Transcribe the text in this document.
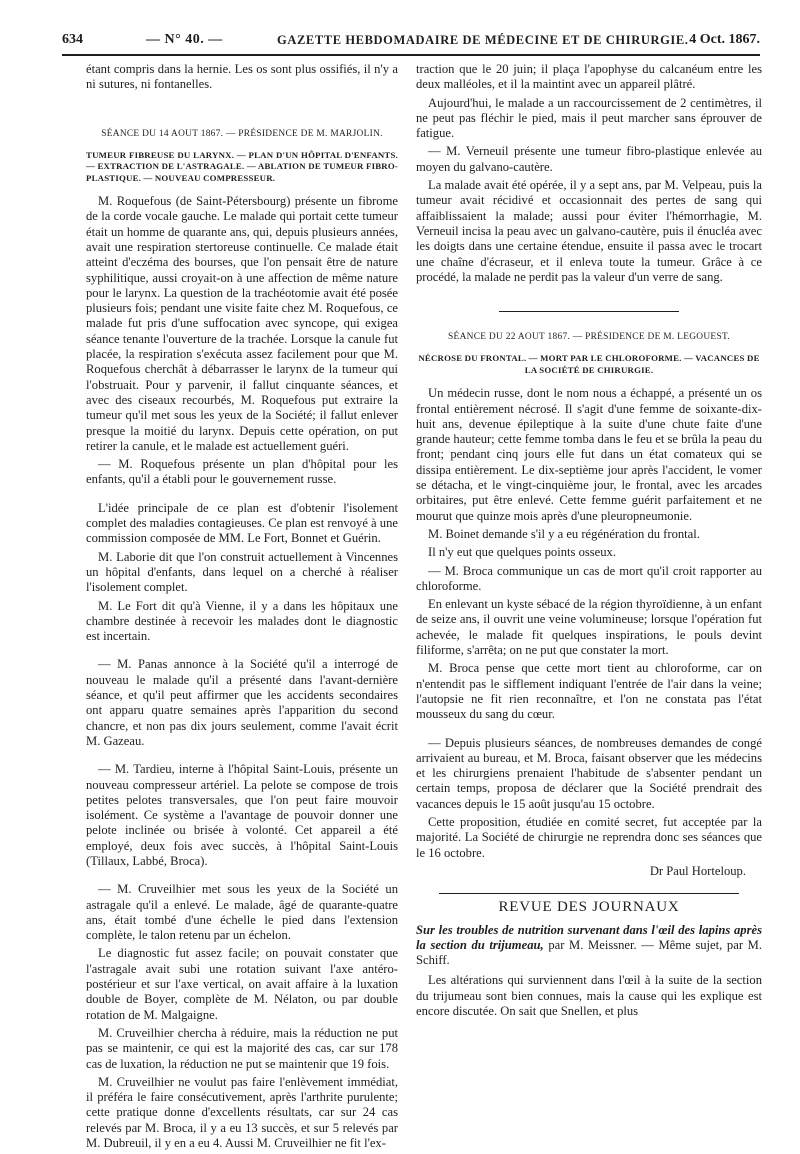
634	— N° 40. —	GAZETTE HEBDOMADAIRE DE MÉDECINE ET DE CHIRURGIE. 4 Oct. 1867.

étant compris dans la hernie. Les os sont plus ossifiés, il n'y a ni sutures, ni fontanelles.

SÉANCE DU 14 AOUT 1867. — PRÉSIDENCE DE M. MARJOLIN.
TUMEUR FIBREUSE DU LARYNX. — PLAN D'UN HÔPITAL D'ENFANTS. — EXTRACTION DE L'ASTRAGALE. — ABLATION DE TUMEUR FIBRO-PLASTIQUE. — NOUVEAU COMPRESSEUR.

M. Roquefous (de Saint-Pétersbourg) présente un fibrome de la corde vocale gauche. Le malade qui portait cette tumeur était un homme de quarante ans, qui, depuis plusieurs années, avait une respiration stertoreuse continuelle. Ce malade était atteint d'eczéma des bourses, que l'on pensait être de nature syphilitique, aussi croyait-on à une affection de même nature pour le larynx. La question de la trachéotomie avait été posée plusieurs fois; pendant une visite faite chez M. Roquefous, ce malade fut pris d'une suffocation avec syncope, qui exigea séance tenante l'ouverture de la trachée. Lorsque la canule fut placée, la respiration s'exécuta assez facilement pour que M. Roquefous cherchât à débarrasser le larynx de la tumeur qui l'obstruait. Pour y parvenir, il fallut cinquante séances, et avec des ciseaux recourbés, M. Roquefous put extraire la tumeur qu'il met sous les yeux de la Société; il fallut enlever presque la moitié du larynx. Depuis cette opération, on put retirer la canule, et le malade est actuellement guéri.

— M. Roquefous présente un plan d'hôpital pour les enfants, qu'il a établi pour le gouvernement russe.

L'idée principale de ce plan est d'obtenir l'isolement complet des maladies contagieuses. Ce plan est renvoyé à une commission composée de MM. Le Fort, Bonnet et Guérin.

M. Laborie dit que l'on construit actuellement à Vincennes un hôpital d'enfants, dans lequel on a cherché à réaliser l'isolement complet.

M. Le Fort dit qu'à Vienne, il y a dans les hôpitaux une chambre destinée à recevoir les malades dont le diagnostic est incertain.

— M. Panas annonce à la Société qu'il a interrogé de nouveau le malade qu'il a présenté dans l'avant-dernière séance, et qu'il peut affirmer que les accidents secondaires ont apparu quatre semaines après l'apparition du second chancre, et non pas dix jours seulement, comme l'avait écrit M. Gazeau.

— M. Tardieu, interne à l'hôpital Saint-Louis, présente un nouveau compresseur artériel. La pelote se compose de trois petites pelotes transversales, que l'on peut faire mouvoir isolément. Ce système a l'avantage de pouvoir donner une pelote inclinée ou brisée à volonté. Cet appareil a été employé, deux fois avec succès, à l'hôpital Saint-Louis (Tillaux, Labbé, Broca).

— M. Cruveilhier met sous les yeux de la Société un astragale qu'il a enlevé. Le malade, âgé de quarante-quatre ans, était tombé d'une échelle le pied dans l'extension complète, le talon retenu par un échelon.

Le diagnostic fut assez facile; on pouvait constater que l'astragale avait subi une rotation suivant l'axe antéro-postérieur et sur l'axe vertical, on avait affaire à la luxation double de Boyer, complète de M. Nélaton, ou par double rotation de M. Malgaigne.

M. Cruveilhier chercha à réduire, mais la réduction ne put pas se maintenir, ce qui est la majorité des cas, car sur 178 cas de luxation, la réduction ne put se maintenir que 19 fois.

M. Cruveilhier ne voulut pas faire l'enlèvement immédiat, il préféra le faire consécutivement, après l'arthrite purulente; cette pratique donne d'excellents résultats, car sur 24 cas relevés par M. Broca, il y a eu 13 succès, et sur 5 relevés par M. Dubreuil, il y en a eu 4. Aussi M. Cruveilhier ne fit l'ex-

traction que le 20 juin; il plaça l'apophyse du calcanéum entre les deux malléoles, et il la maintint avec un appareil plâtré.

Aujourd'hui, le malade a un raccourcissement de 2 centimètres, il ne peut pas fléchir le pied, mais il peut marcher sans éprouver de fatigue.

— M. Verneuil présente une tumeur fibro-plastique enlevée au moyen du galvano-cautère.

La malade avait été opérée, il y a sept ans, par M. Velpeau, puis la tumeur avait récidivé et occasionnait des pertes de sang qui affaiblissaient la malade; aussi pour éviter l'hémorrhagie, M. Verneuil incisa la peau avec un galvano-cautère, puis il énucléa avec les doigts dans une certaine étendue, ensuite il passa avec le trocart une chaîne d'écraseur, et il enleva toute la tumeur. Grâce à ce procédé, la malade ne perdit pas la valeur d'un verre de sang.

SÉANCE DU 22 AOUT 1867. — PRÉSIDENCE DE M. LEGOUEST.
NÉCROSE DU FRONTAL. — MORT PAR LE CHLOROFORME. — VACANCES DE LA SOCIÉTÉ DE CHIRURGIE.

Un médecin russe, dont le nom nous a échappé, a présenté un os frontal entièrement nécrosé. Il s'agit d'une femme de soixante-dix-huit ans, devenue épileptique à la suite d'une chute faite d'une grande hauteur; cette femme tomba dans le feu et se brûla la peau du front; pendant cinq jours elle fut dans un état comateux qui se dissipa entièrement. Le dix-septième jour après l'accident, le vomer se détacha, et le vingt-cinquième jour, le frontal, avec les arcades orbitaires, put être enlevé. Cette femme guérit parfaitement et ne mourut que quinze mois après d'une pleuropneumonie.

M. Boinet demande s'il y a eu régénération du frontal.

Il n'y eut que quelques points osseux.

— M. Broca communique un cas de mort qu'il croit rapporter au chloroforme.

En enlevant un kyste sébacé de la région thyroïdienne, à un enfant de seize ans, il ouvrit une veine volumineuse; lorsque l'opération fut achevée, le malade fit quelques inspirations, le pouls devint filiforme, s'arrêta; on ne put que constater la mort.

M. Broca pense que cette mort tient au chloroforme, car on n'entendit pas le sifflement indiquant l'entrée de l'air dans la veine; l'autopsie ne fit rien reconnaître, et l'on ne constata pas l'état mousseux du sang du cœur.

— Depuis plusieurs séances, de nombreuses demandes de congé arrivaient au bureau, et M. Broca, faisant observer que les médecins et les chirurgiens prenaient l'habitude de s'absenter pendant un certain temps, proposa de déclarer que la Société prendrait des vacances depuis le 15 août jusqu'au 15 octobre.

Cette proposition, étudiée en comité secret, fut acceptée par la majorité. La Société de chirurgie ne reprendra donc ses séances que le 16 octobre.

Dr Paul Horteloup.

REVUE DES JOURNAUX

Sur les troubles de nutrition survenant dans l'œil des lapins après la section du trijumeau, par M. Meissner. — Même sujet, par M. Schiff.

Les altérations qui surviennent dans l'œil à la suite de la section du trijumeau sont bien connues, mais la cause qui les explique est encore discutée. On sait que Snellen, et plus
